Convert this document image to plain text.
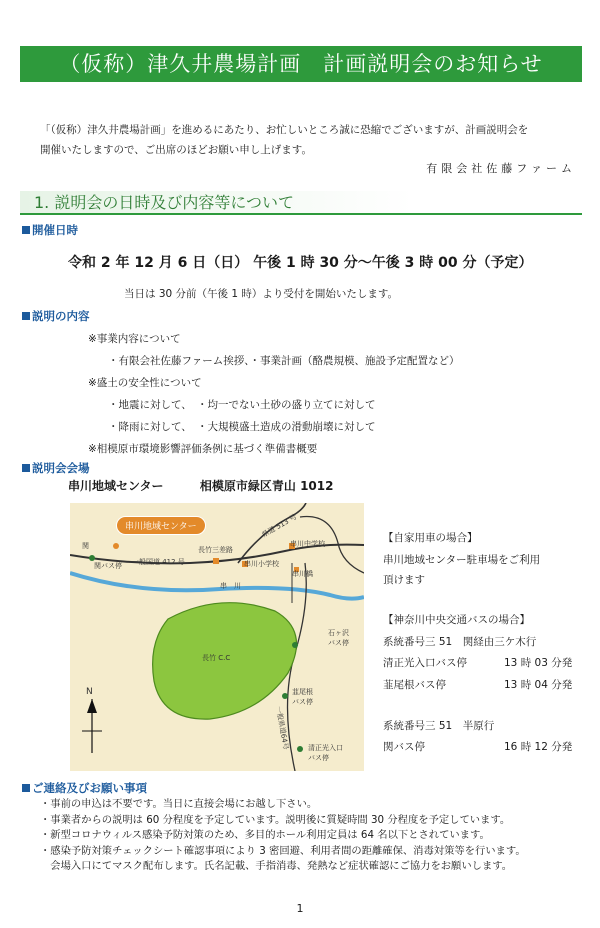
（仮称）津久井農場計画　計画説明会のお知らせ
「（仮称）津久井農場計画」を進めるにあたり、お忙しいところ誠に恐縮でございますが、計画説明会を
開催いたしますので、ご出席のほどお願い申し上げます。
有限会社佐藤ファーム
1. 説明会の日時及び内容等について
開催日時
令和 2 年 12 月 6 日（日） 午後 1 時 30 分～午後 3 時 00 分（予定）
当日は 30 分前（午後 1 時）より受付を開始いたします。
説明の内容
※事業内容について
・有限会社佐藤ファーム挨拶、・事業計画（酪農規模、施設予定配置など）
※盛土の安全性について
・地震に対して、　・均一でない土砂の盛り立てに対して
・降雨に対して、　・大規模盛土造成の滑動崩壊に対して
※相模原市環境影響評価条例に基づく準備書概要
説明会会場
串川地域センター	相模原市緑区青山 1012
串川地域センター
関
関バス停 一般国道 412 号
長竹三差路
串川小学校
串川中学校
県道 513 号
串川橋
串　川
長竹 C.C
石ヶ沢
バス停
韮尾根
バス停
一般県道64号	清正光入口
バス停
N
【自家用車の場合】
串川地域センター駐車場をご利用
頂けます
【神奈川中央交通バスの場合】
系統番号三 51　関経由三ケ木行
清正光入口バス停	13 時 03 分発
韮尾根バス停	13 時 04 分発
系統番号三 51　半原行
関バス停	16 時 12 分発
ご連絡及びお願い事項
・事前の申込は不要です。当日に直接会場にお越し下さい。
・事業者からの説明は 60 分程度を予定しています。説明後に質疑時間 30 分程度を予定しています。
・新型コロナウィルス感染予防対策のため、多目的ホール利用定員は 64 名以下とされています。
・感染予防対策チェックシート確認事項により 3 密回避、利用者間の距離確保、消毒対策等を行います。
　会場入口にてマスク配布します。氏名記載、手指消毒、発熱など症状確認にご協力をお願いします。
1
